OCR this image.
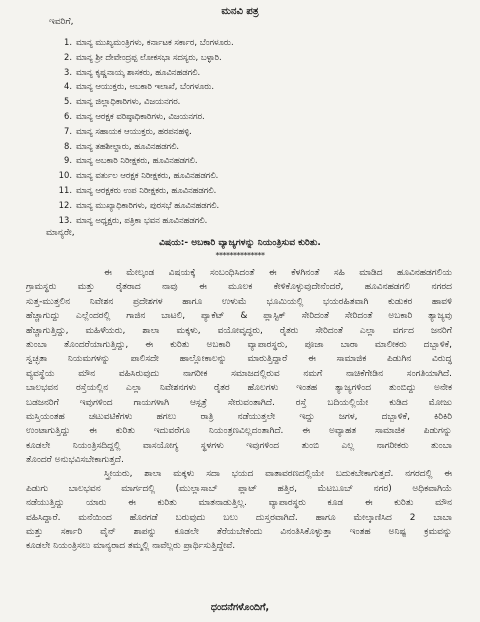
ಮನವಿ ಪತ್ರ
ಇವರಿಗೆ,
1. ಮಾನ್ಯ ಮುಖ್ಯಮಂತ್ರಿಗಳು, ಕರ್ನಾಟಕ ಸರ್ಕಾರ, ಬೆಂಗಳೂರು.
2. ಮಾನ್ಯ ಶ್ರೀ ದೇವೇಂದ್ರಪ್ಪ ಲೋಕಸಭಾ ಸದಸ್ಯರು, ಬಳ್ಳಾರಿ.
3. ಮಾನ್ಯ ಕೃಷ್ಣನಾಯ್ಕ ಶಾಸಕರು, ಹೂವಿನಹಡಗಲಿ.
4. ಮಾನ್ಯ ಆಯುಕ್ತರು, ಅಬಕಾರಿ ಇಲಾಖೆ, ಬೆಂಗಳೂರು.
5. ಮಾನ್ಯ ಜಿಲ್ಲಾಧಿಕಾರಿಗಳು, ವಿಜಯನಗರ.
6. ಮಾನ್ಯ ಆರಕ್ಷಕ ವರಿಷ್ಠಾಧಿಕಾರಿಗಳು, ವಿಜಯನಗರ.
7. ಮಾನ್ಯ ಸಹಾಯಕ ಆಯುಕ್ತರು, ಹರಪನಹಳ್ಳಿ.
8. ಮಾನ್ಯ ತಹಶೀಲ್ದಾರು, ಹೂವಿನಹಡಗಲಿ.
9. ಮಾನ್ಯ ಅಬಕಾರಿ ನಿರೀಕ್ಷಕರು, ಹೂವಿನಹಡಗಲಿ.
10. ಮಾನ್ಯ ವರ್ತುಲ ಆರಕ್ಷಕ ನಿರೀಕ್ಷಕರು, ಹೂವಿನಹಡಗಲಿ.
11. ಮಾನ್ಯ ಆರಕ್ಷಕರು ಉಪ ನಿರೀಕ್ಷಕರು, ಹೂವಿನಹಡಗಲಿ.
12. ಮಾನ್ಯ ಮುಖ್ಯಾಧಿಕಾರಿಗಳು, ಪುರಸಭೆ ಹೂವಿನಹಡಗಲಿ.
13. ಮಾನ್ಯ ಅಧ್ಯಕ್ಷರು, ಪತ್ರಿಕಾ ಭವನ ಹೂವಿನಹಡಗಲಿ.
ಮಾನ್ಯರೇ,
ವಿಷಯ:- ಅಬಕಾರಿ ವ್ಯಾಜ್ಯಗಳನ್ನು ನಿಯಂತ್ರಿಸುವ ಕುರಿತು.
**************

ಈ ಮೇಲ್ಕಂಡ ವಿಷಯಕ್ಕೆ ಸಂಬಂಧಿಸಿದಂತೆ ಈ ಕೆಳಗಿನಂತೆ ಸಹಿ ಮಾಡಿದ ಹೂವಿನಹಡಗಲಿಯ
ಗ್ರಾಮಸ್ಥರು ಮತ್ತು ರೈತರಾದ ನಾವು ಈ ಮೂಲಕ ಕೇಳಿಕೊಳ್ಳುವುದೇನೆಂದರೆ, ಹೂವಿನಹಡಗಲಿ ನಗರದ
ಸುತ್ತ-ಮುತ್ತಲಿನ ನಿವೇಶನ ಪ್ರದೇಶಗಳ ಹಾಗೂ ಉಳುಮೆ ಭೂಮಿಯಲ್ಲಿ ಭಯರಹಿತವಾಗಿ ಕುಡುಕರ ಹಾವಳಿ
ಹೆಚ್ಚಾಗುದ್ದು ಎಲ್ಲೆಂದರಲ್ಲಿ ಗಾಜಿನ ಬಾಟಲಿ, ಪ್ಯಾಕೆಟ್ & ಪ್ಲಾಸ್ಟಿಕ್ ಸೇರಿದಂತೆ ಸೇರಿದಂತೆ ಅಬಕಾರಿ ತ್ಯಾಜ್ಯವು
ಹೆಚ್ಚಾಗುತ್ತಿದ್ದು, ಮಹಿಳೆಯರು, ಶಾಲಾ ಮಕ್ಕಳು, ವಯೋವೃದ್ಧರು, ರೈತರು ಸೇರಿದಂತೆ ಎಲ್ಲಾ ವರ್ಗದ ಜನರಿಗೆ
ತುಂಬಾ ತೊಂದರೆಯಾಗುತ್ತಿದ್ದು, ಈ ಕುರಿತು ಅಬಕಾರಿ ವ್ಯಾಪಾರಸ್ಥರು, ಪೂಜಾ ಬಾರಾ ಮಾಲೀಕರು ದಬ್ಬಾಳಿಕೆ,
ಸ್ವಚ್ಛತಾ ನಿಯಮಗಳನ್ನು ಪಾಲಿಸದೇ ಹಾಲ್ಲೋಕಾಲನ್ನು ಮಾರುತ್ತಿದ್ದಾರೆ ಈ ಸಾಮಾಜಿಕ ಪಿಡುಗಿನ ವಿರುದ್ಧ
ವ್ಯವಸ್ಥೆಯ ಮೌನ ವಹಿಸಿರುವುದು ನಾಗರೀಕ ಸಮಾಜದಲ್ಲಿರುವ ನಮಗೆ ನಾಚಿಕೆಗೇಡಿನ ಸಂಗತಿಯಾಗಿದೆ.
ಬಾಲಭವನ ರಸ್ತೆಯಲ್ಲಿನ ಎಲ್ಲಾ ನಿವೇಶನಗಳು ರೈತರ ಹೊಲಗಳು ಇಂತಹ ತ್ಯಾಜ್ಯಗಳಿಂದ ತುಂಬಿದ್ದು ಅನೇಕ
ಬಡಜನರಿಗೆ ಇವುಗಳಿಂದ ಗಾಯಗಳಾಗಿ ಆಸ್ಪತ್ರೆ ಸೇರುವಂತಾಗಿದೆ. ರಸ್ತೆ ಬದಿಯಲ್ಲಿಯೇ ಕುಡಿದ ಮೋಜು
ಮಸ್ತಿಯಂತಹ ಚಟುವಟಿಕೆಗಳು ಹಗಲು ರಾತ್ರಿ ನಡೆಯುತ್ತಲೇ ಇದ್ದು ಜಗಳ, ದಬ್ಬಾಳಿಕೆ, ಕಿರಿಕಿರಿ
ಉಂಟಾಗುತ್ತಿದ್ದು ಈ ಕುರಿತು ಇದುವರೆಗೂ ನಿಯಂತ್ರಣವಿಲ್ಲದಂತಾಗಿದೆ. ಈ ಅವ್ಯಾಹತ ಸಾಮಾಜಿಕ ಪಿಡುಗನ್ನು
ಕೂಡಲೇ ನಿಯಂತ್ರಿಸದಿದ್ದಲ್ಲಿ ವಾಸಯೋಗ್ಯ ಸ್ಥಳಗಳು ಇವುಗಳಿಂದ ತುಂಬಿ ಎಲ್ಲ ನಾಗರೀಕರು ತುಂಬಾ
ತೊಂದರೆ ಅನುಭವಿಸಬೇಕಾಗುತ್ತದೆ.

ಸ್ತ್ರೀಯರು, ಶಾಲಾ ಮಕ್ಕಳು ಸದಾ ಭಯದ ವಾತಾವರಣದಲ್ಲಿಯೇ ಬದುಕಬೇಕಾಗುತ್ತದೆ. ನಗರದಲ್ಲಿ ಈ
ಪಿಡುಗು ಬಾಲಭವನ ಮಾರ್ಗದಲ್ಲಿ (ಮುಲ್ಲಾಸಾಬ್ ಪ್ಲಾಟ್ ಹತ್ತಿರ, ಮೆಟಬೂಬ್ ನಗರ) ಅಧಿಕವಾಗಿಯೆ
ನಡೆಯುತ್ತಿದ್ದು ಯಾರು ಈ ಕುರಿತು ಮಾತನಾಡುತ್ತಿಲ್ಲ. ವ್ಯಾಪಾರಸ್ಥರು ಕೂಡ ಈ ಕುರಿತು ಮೌನ
ವಹಿಸಿದ್ದಾರೆ. ಮನೆಯಿಂದ ಹೊರಗಡೆ ಬರುವುದು ಬಲು ದುಸ್ತರವಾಗಿದೆ. ಹಾಗೂ ಮೇಲ್ಕಾಣಿಸಿದ 2 ಬಾಬಾ
ಮತ್ತು ಸರ್ಕಾರಿ ವೈನ್ ಶಾಪನ್ನು ಕೂಡಲೇ ತೆರೆಯಬೇಕೆಂದು ವಿನಂತಿಸಿಕೊಳ್ಳುತ್ತಾ ಇಂತಹ ಅನಿಷ್ಟ ಕ್ರಮವನ್ನು
ಕೂಡಲೇ ನಿಯಂತ್ರಿಸಲು ಮಾನ್ಯರಾದ ತಮ್ಮಲ್ಲಿ ನಾವೆಲ್ಲರು ಪ್ರಾರ್ಥಿಸುತ್ತಿದ್ದೇವೆ.

ಧಂದನೆಗಳೊಂದಿಗೆ,
